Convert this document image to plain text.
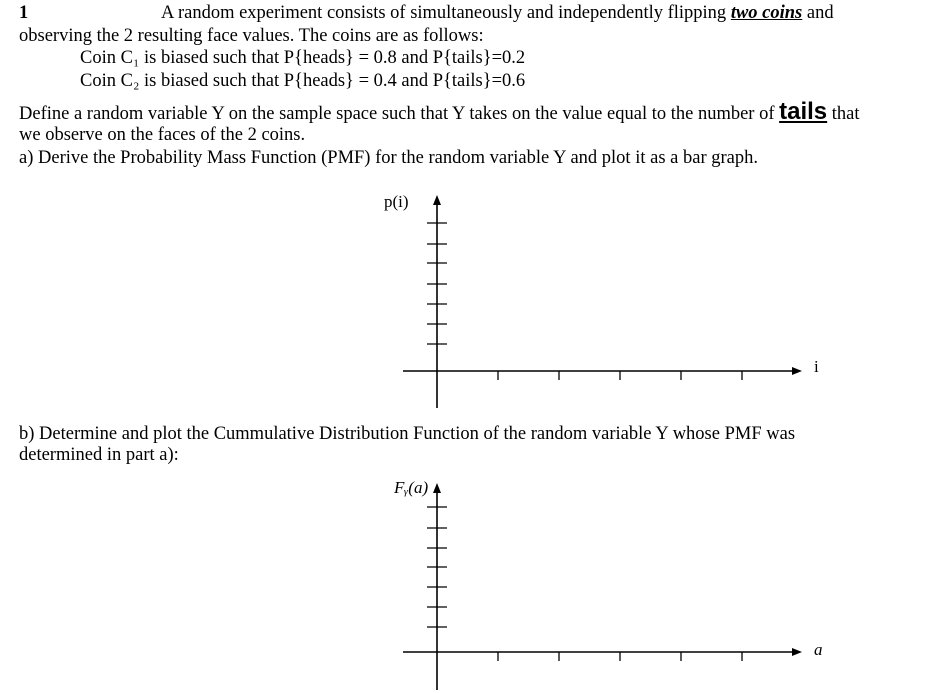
1	A random experiment consists of simultaneously and independently flipping two coins and
observing the 2 resulting face values. The coins are as follows:
Coin C₁ is biased such that P{heads} = 0.8 and P{tails}=0.2
Coin C₂ is biased such that P{heads} = 0.4 and P{tails}=0.6
Define a random variable Y on the sample space such that Y takes on the value equal to the number of tails that
we observe on the faces of the 2 coins.
a) Derive the Probability Mass Function (PMF) for the random variable Y and plot it as a bar graph.
p(i)
i
b) Determine and plot the Cummulative Distribution Function of the random variable Y whose PMF was
determined in part a):
Fᵧ(a)
a
